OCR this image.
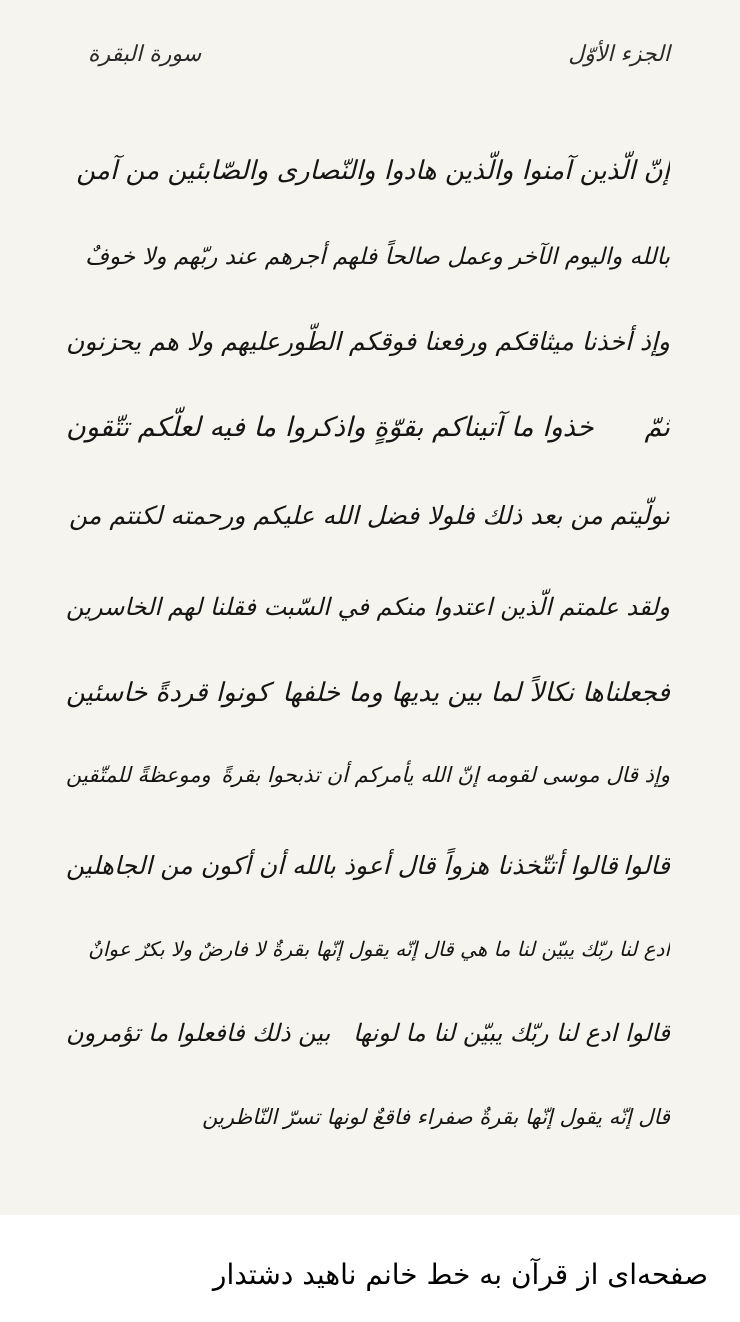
الجزء الأوّل
سورة البقرة
إنّ الّذين آمنوا والّذين هادوا والنّصارى والصّابئين من آمن
بالله واليوم الآخر وعمل صالحاً فلهم أجرهم عند ربّهم ولا خوفٌ
وإذ أخذنا ميثاقكم ورفعنا فوقكم الطّور
عليهم ولا هم يحزنون
ثمّ
خذوا ما آتيناكم بقوّةٍ واذكروا ما فيه لعلّكم تتّقون
تولّيتم من بعد ذلك فلولا فضل الله عليكم ورحمته لكنتم من
ولقد علمتم الّذين اعتدوا منكم في السّبت فقلنا لهم
الخاسرين
فجعلناها نكالاً لما بين يديها وما خلفها
كونوا قردةً خاسئين
وإذ قال موسى لقومه إنّ الله يأمركم أن تذبحوا بقرةً
وموعظةً للمتّقين
قالوا
قالوا أتتّخذنا هزواً قال أعوذ بالله أن أكون من الجاهلين
ادع لنا ربّك يبيّن لنا ما هي قال إنّه يقول إنّها بقرةٌ لا فارضٌ ولا بكرٌ عوانٌ
قالوا ادع لنا ربّك يبيّن لنا ما لونها
بين ذلك فافعلوا ما تؤمرون
قال إنّه يقول إنّها بقرةٌ صفراء فاقعٌ لونها تسرّ النّاظرين
صفحه‌ای از قرآن به خط خانم ناهید دشتدار
